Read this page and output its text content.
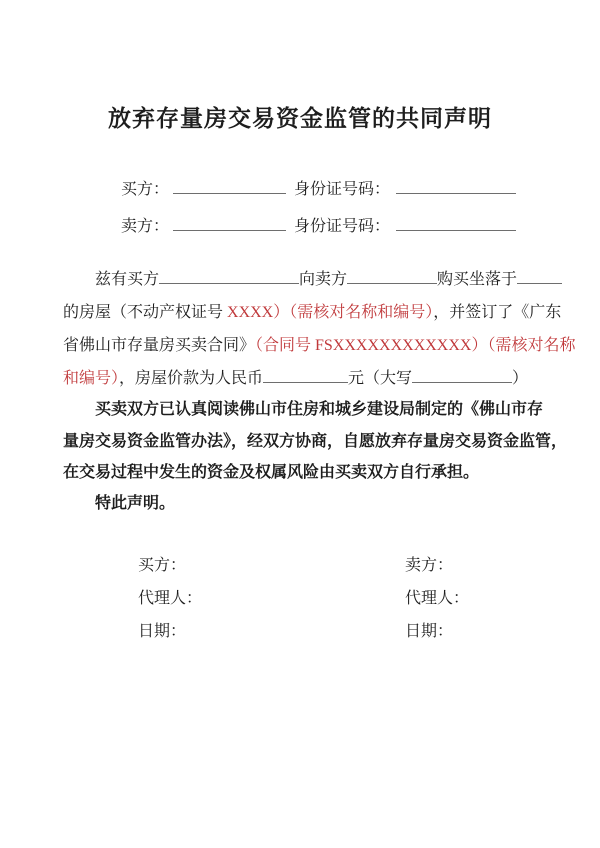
放弃存量房交易资金监管的共同声明
买方：	身份证号码：
卖方：	身份证号码：
兹有买方	向卖方	购买坐落于
的房屋（不动产权证号 XXXX）（需核对名称和编号），并签订了《广东
省佛山市存量房买卖合同》（合同号 FSXXXXXXXXXXXX）（需核对名称
和编号），房屋价款为人民币	元（大写	）
买卖双方已认真阅读佛山市住房和城乡建设局制定的《佛山市存
量房交易资金监管办法》，经双方协商，自愿放弃存量房交易资金监管，
在交易过程中发生的资金及权属风险由买卖双方自行承担。
特此声明。
买方：	卖方：
代理人：	代理人：
日期：	日期：
